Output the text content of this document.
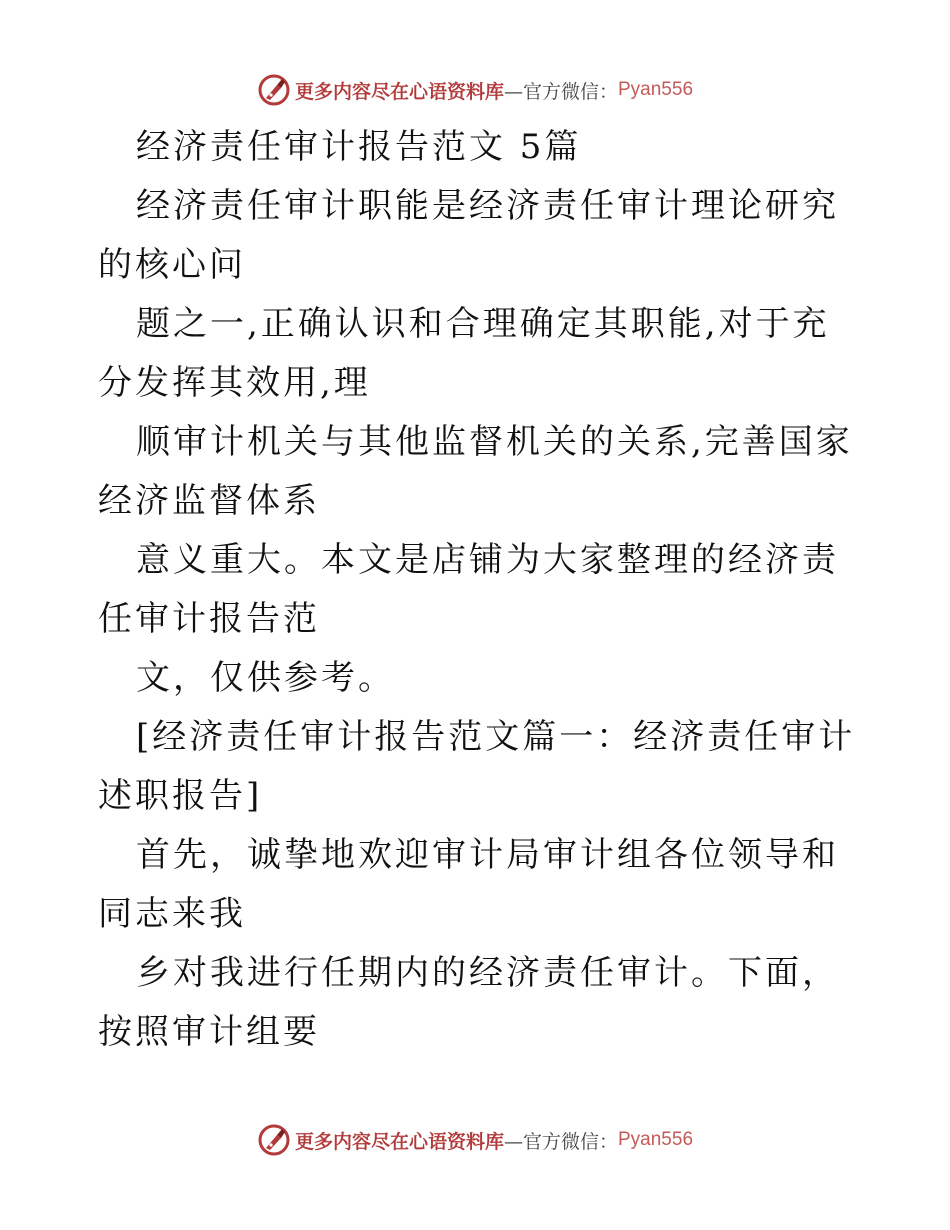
更多内容尽在心语资料库 —官方微信： Pyan556

经济责任审计报告范文 5篇

经济责任审计职能是经济责任审计理论研究的核心问

题之一,正确认识和合理确定其职能,对于充分发挥其效用,理

顺审计机关与其他监督机关的关系,完善国家经济监督体系

意义重大。本文是店铺为大家整理的经济责任审计报告范

文，仅供参考。

[经济责任审计报告范文篇一：经济责任审计述职报告]

首先，诚挚地欢迎审计局审计组各位领导和同志来我

乡对我进行任期内的经济责任审计。下面，按照审计组要

更多内容尽在心语资料库 —官方微信： Pyan556
